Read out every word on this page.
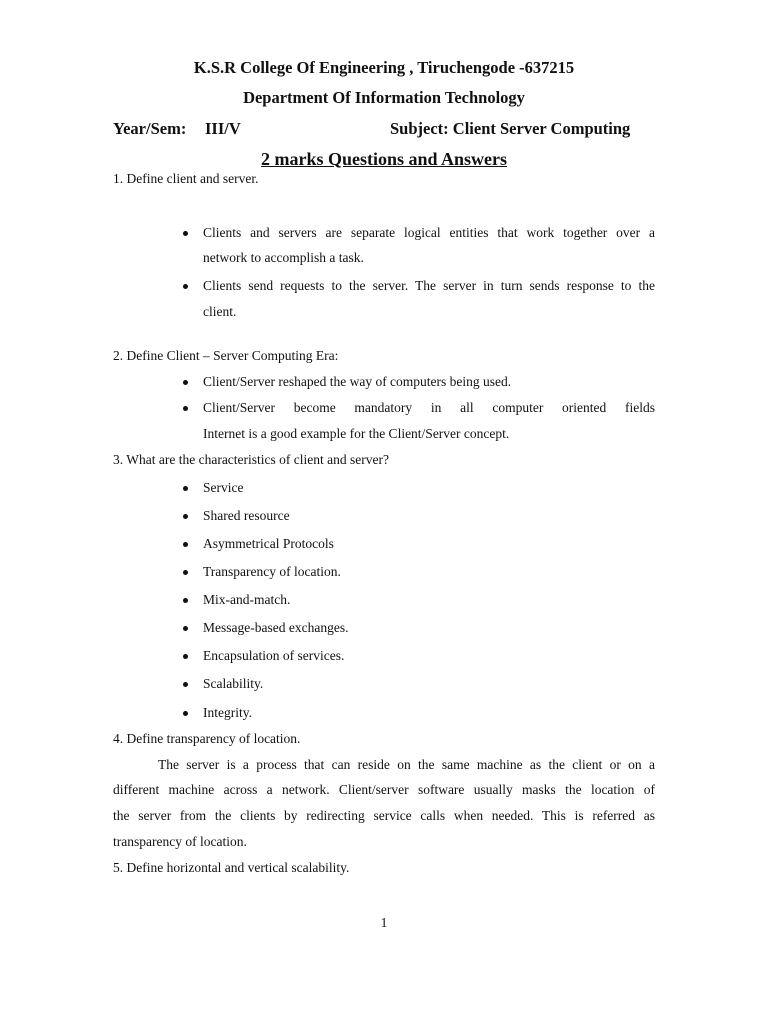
K.S.R College Of Engineering , Tiruchengode -637215
Department Of Information Technology
Year/Sem: III/V	Subject: Client Server Computing
2 marks Questions and Answers
1. Define client and server.
Clients and servers are separate logical entities that work together over a
network to accomplish a task.
Clients send requests to the server. The server in turn sends response to the
client.
2. Define Client – Server Computing Era:
Client/Server reshaped the way of computers being used.
Client/Server become mandatory in all computer oriented fields
Internet is a good example for the Client/Server concept.
3. What are the characteristics of client and server?
Service
Shared resource
Asymmetrical Protocols
Transparency of location.
Mix-and-match.
Message-based exchanges.
Encapsulation of services.
Scalability.
Integrity.
4. Define transparency of location.
The server is a process that can reside on the same machine as the client or on a
different machine across a network. Client/server software usually masks the location of
the server from the clients by redirecting service calls when needed. This is referred as
transparency of location.
5. Define horizontal and vertical scalability.
1
